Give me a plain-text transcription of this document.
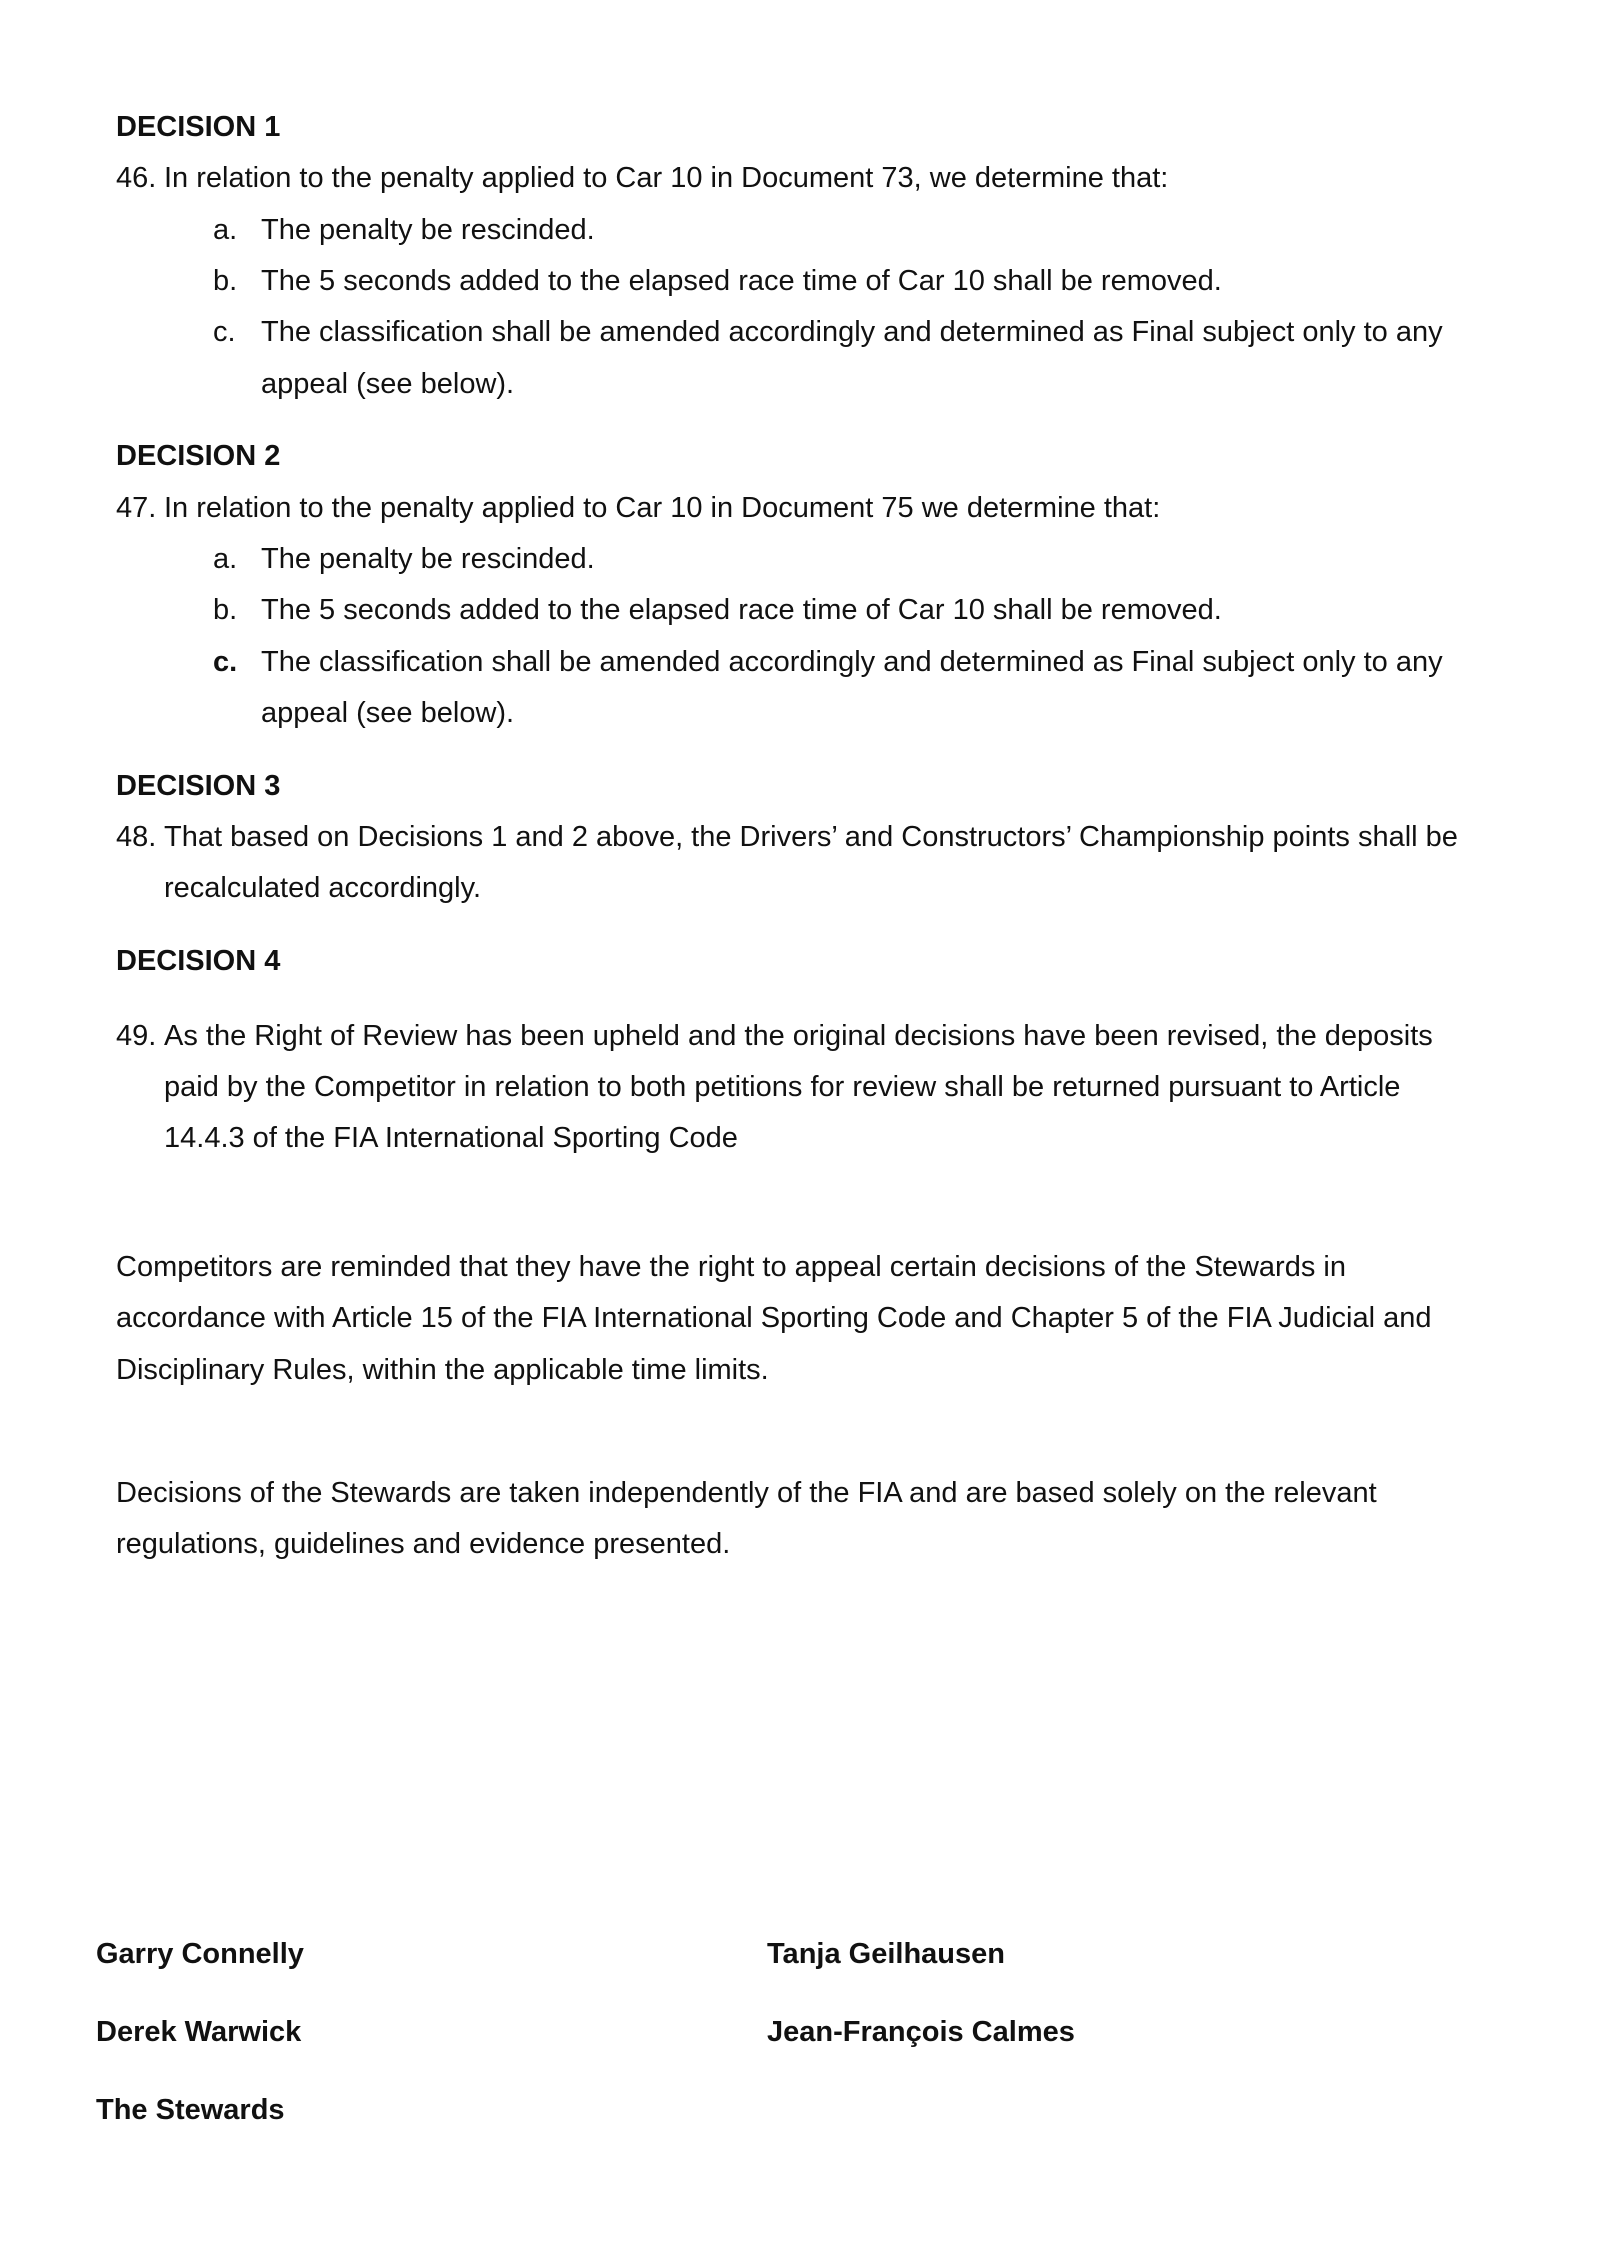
DECISION 1
46. In relation to the penalty applied to Car 10 in Document 73, we determine that:
a. The penalty be rescinded.
b. The 5 seconds added to the elapsed race time of Car 10 shall be removed.
c. The classification shall be amended accordingly and determined as Final subject only to any
appeal (see below).
DECISION 2
47. In relation to the penalty applied to Car 10 in Document 75 we determine that:
a. The penalty be rescinded.
b. The 5 seconds added to the elapsed race time of Car 10 shall be removed.
c. The classification shall be amended accordingly and determined as Final subject only to any
appeal (see below).
DECISION 3
48. That based on Decisions 1 and 2 above, the Drivers’ and Constructors’ Championship points shall be
recalculated accordingly.
DECISION 4
49. As the Right of Review has been upheld and the original decisions have been revised, the deposits
paid by the Competitor in relation to both petitions for review shall be returned pursuant to Article
14.4.3 of the FIA International Sporting Code
Competitors are reminded that they have the right to appeal certain decisions of the Stewards in
accordance with Article 15 of the FIA International Sporting Code and Chapter 5 of the FIA Judicial and
Disciplinary Rules, within the applicable time limits.
Decisions of the Stewards are taken independently of the FIA and are based solely on the relevant
regulations, guidelines and evidence presented.
Garry Connelly	Tanja Geilhausen
Derek Warwick	Jean-François Calmes
The Stewards
